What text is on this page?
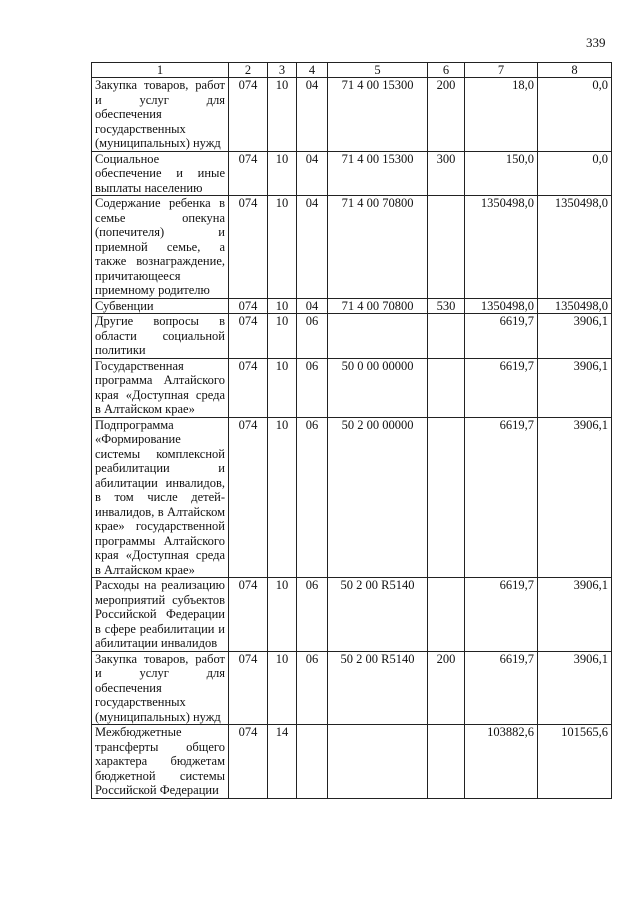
339
1	2	3	4	5	6	7	8
Закупка товаров, работ и услуг для обеспечения государственных (муниципальных) нужд	074	10	04	71 4 00 15300	200	18,0	0,0
Социальное обеспечение и иные выплаты населению	074	10	04	71 4 00 15300	300	150,0	0,0
Содержание ребенка в семье опекуна (попечителя) и приемной семье, а также вознаграждение, причитающееся приемному родителю	074	10	04	71 4 00 70800		1350498,0	1350498,0
Субвенции	074	10	04	71 4 00 70800	530	1350498,0	1350498,0
Другие вопросы в области социальной политики	074	10	06			6619,7	3906,1
Государственная программа Алтайского края «Доступная среда в Алтайском крае»	074	10	06	50 0 00 00000		6619,7	3906,1
Подпрограмма «Формирование системы комплексной реабилитации и абилитации инвалидов, в том числе детей-инвалидов, в Алтайском крае» государственной программы Алтайского края «Доступная среда в Алтайском крае»	074	10	06	50 2 00 00000		6619,7	3906,1
Расходы на реализацию мероприятий субъектов Российской Федерации в сфере реабилитации и абилитации инвалидов	074	10	06	50 2 00 R5140		6619,7	3906,1
Закупка товаров, работ и услуг для обеспечения государственных (муниципальных) нужд	074	10	06	50 2 00 R5140	200	6619,7	3906,1
Межбюджетные трансферты общего характера бюджетам бюджетной системы Российской Федерации	074	14				103882,6	101565,6
